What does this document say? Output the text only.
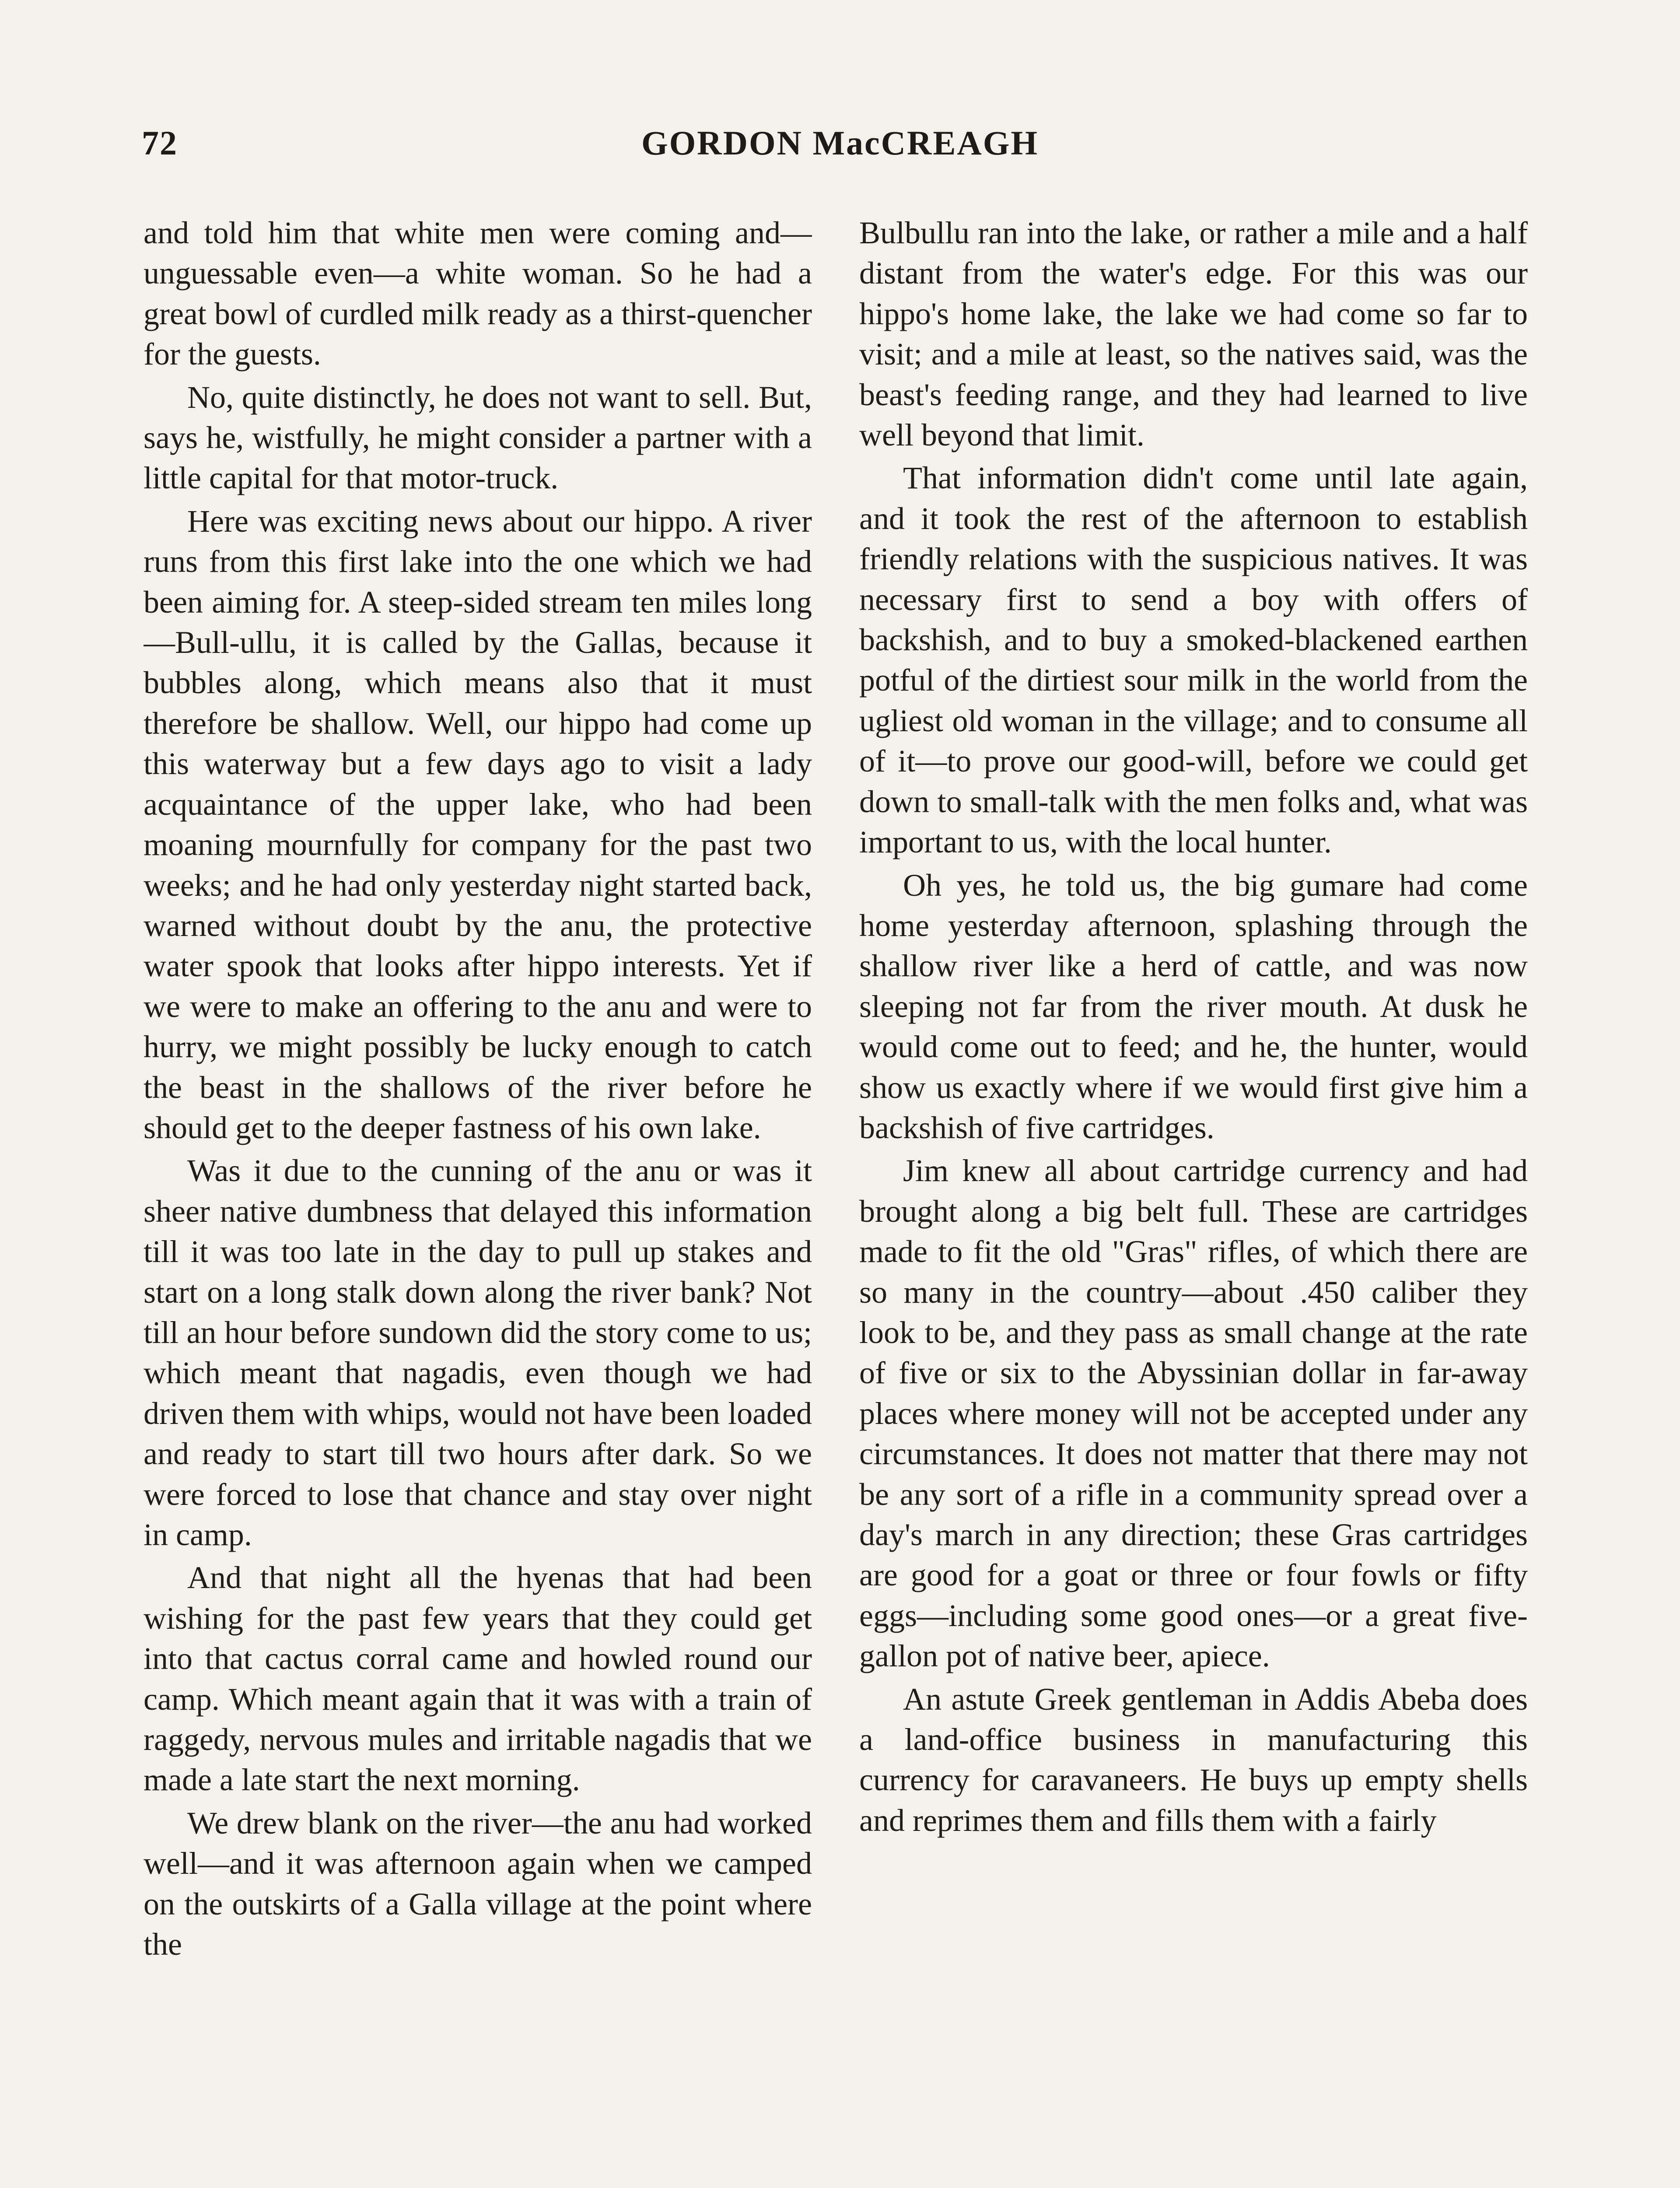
72	GORDON MacCREAGH

and told him that white men were coming and—unguessable even—a white woman. So he had a great bowl of curdled milk ready as a thirst-quencher for the guests.

No, quite distinctly, he does not want to sell. But, says he, wistfully, he might consider a partner with a little capital for that motor-truck.

Here was exciting news about our hippo. A river runs from this first lake into the one which we had been aiming for. A steep-sided stream ten miles long—Bull-ullu, it is called by the Gallas, because it bubbles along, which means also that it must therefore be shallow. Well, our hippo had come up this waterway but a few days ago to visit a lady acquaintance of the upper lake, who had been moaning mournfully for company for the past two weeks; and he had only yesterday night started back, warned without doubt by the anu, the protective water spook that looks after hippo interests. Yet if we were to make an offering to the anu and were to hurry, we might possibly be lucky enough to catch the beast in the shallows of the river before he should get to the deeper fastness of his own lake.

Was it due to the cunning of the anu or was it sheer native dumbness that delayed this information till it was too late in the day to pull up stakes and start on a long stalk down along the river bank? Not till an hour before sundown did the story come to us; which meant that nagadis, even though we had driven them with whips, would not have been loaded and ready to start till two hours after dark. So we were forced to lose that chance and stay over night in camp.

And that night all the hyenas that had been wishing for the past few years that they could get into that cactus corral came and howled round our camp. Which meant again that it was with a train of raggedy, nervous mules and irritable nagadis that we made a late start the next morning.

We drew blank on the river—the anu had worked well—and it was afternoon again when we camped on the outskirts of a Galla village at the point where the

Bulbullu ran into the lake, or rather a mile and a half distant from the water's edge. For this was our hippo's home lake, the lake we had come so far to visit; and a mile at least, so the natives said, was the beast's feeding range, and they had learned to live well beyond that limit.

That information didn't come until late again, and it took the rest of the afternoon to establish friendly relations with the suspicious natives. It was necessary first to send a boy with offers of backshish, and to buy a smoked-blackened earthen potful of the dirtiest sour milk in the world from the ugliest old woman in the village; and to consume all of it—to prove our good-will, before we could get down to small-talk with the men folks and, what was important to us, with the local hunter.

Oh yes, he told us, the big gumare had come home yesterday afternoon, splashing through the shallow river like a herd of cattle, and was now sleeping not far from the river mouth. At dusk he would come out to feed; and he, the hunter, would show us exactly where if we would first give him a backshish of five cartridges.

Jim knew all about cartridge currency and had brought along a big belt full. These are cartridges made to fit the old "Gras" rifles, of which there are so many in the country—about .450 caliber they look to be, and they pass as small change at the rate of five or six to the Abyssinian dollar in far-away places where money will not be accepted under any circumstances. It does not matter that there may not be any sort of a rifle in a community spread over a day's march in any direction; these Gras cartridges are good for a goat or three or four fowls or fifty eggs—including some good ones—or a great five-gallon pot of native beer, apiece.

An astute Greek gentleman in Addis Abeba does a land-office business in manufacturing this currency for caravaneers. He buys up empty shells and reprimes them and fills them with a fairly
